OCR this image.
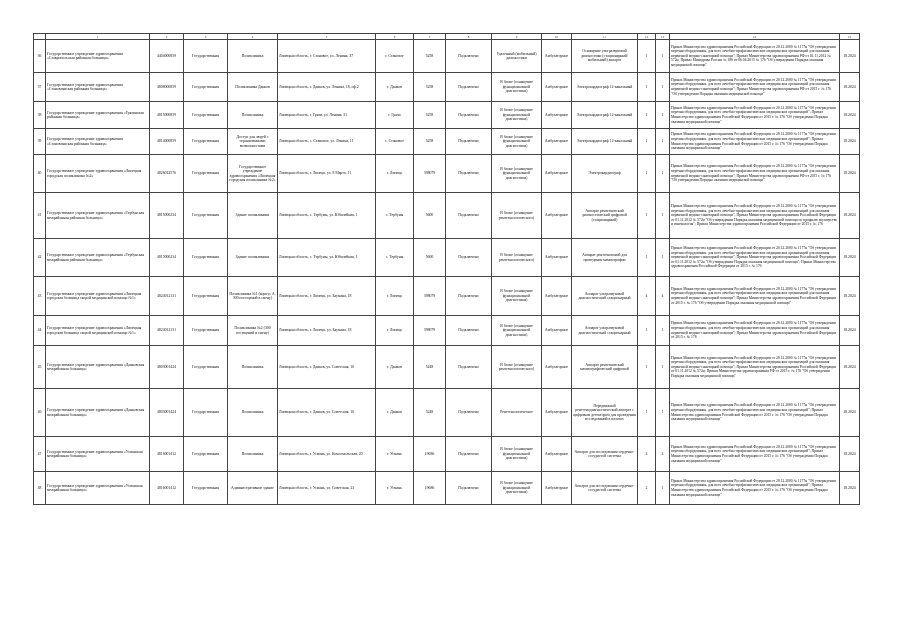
	1	2	3	4	5	6	7	8	9	10	11	12	13	14	15
36	Государственное учреждение здравоохранения «Ставропольская районная больница»	4404000859	Государственная	Поликлиника	Липецкая область, г. Становое, ул. Ленина, 37	г. Становое	5258	Подключено	Удаленный (мобильный) диагностики	Амбулаторное	Оснащение ультразвуковой диагностики (стационарный/мобильный) аппарат	1	1	Приказ Министерства здравоохранения Российской Федерации от 20.12.2000 № 1177н "Об утверждении перечня оборудования, для всех лечебно-профилактических медицинских организаций для оказания первичной медико-санитарной помощи"; Приказ Министерства здравоохранения РФ от 01.11.2012 № 572н; Приказ Минздрава России № 186 от 06.04.2015 № 176 "Об утверждении Порядка оказания медицинской помощи"	18.2024
37	Государственное учреждение здравоохранения «Становлянская районная больница»	4808000859	Государственная	Поликлиника Данков	Липецкая область, г. Данков, ул. Ленина, 18, оф.2	г. Данков	5258	Подключено	В блоке (оснащение функциональной диагностики)	Амбулаторное	Электрокардиограф 12-канальный	1	1	Приказ Министерства здравоохранения Российской Федерации от 20.12.2000 № 1177н "Об утверждении перечня оборудования, для всех лечебно-профилактических медицинских организаций для оказания первичной медико-санитарной помощи"; Приказ Министерства здравоохранения РФ от 2015 г. № 176 "Об утверждении Порядка оказания медицинской помощи"	18.2024
38	Государственное учреждение здравоохранения «Грязинская районная больница»	4815000859	Государственная	Поликлиника	Липецкая область, г. Грязи, ул. Ленина, 31	г. Грязи	5258	Подключено	В блоке (оснащение функциональной диагностики)	Амбулаторное	Электрокардиограф 12-канальный	1	1	Приказ Министерства здравоохранения Российской Федерации от 20.12.2000 № 1177н "Об утверждении перечня оборудования, для всех лечебно-профилактических медицинских организаций"; Приказ Министерства здравоохранения Российской Федерации от 2015 г. № 176 "Об утверждении Порядка оказания медицинской помощи"	18.2024
39	Государственное учреждение здравоохранения «Становлянская районная больница»	4814000859	Государственная	Доступ для людей с ограниченными возможностями	Липецкая область, с. Становое, ул. Ленина, 11	с. Становое	5258	Подключено	В блоке (оснащение функциональной диагностики)	Амбулаторное	Электрокардиограф 12-канальный	1	1	Приказ Министерства здравоохранения Российской Федерации от 20.12.2000 № 1177н "Об утверждении перечня оборудования, для всех лечебно-профилактических медицинских организаций"; Приказ Министерства здравоохранения Российской Федерации от 2015 г. № 176 "Об утверждении Порядка оказания медицинской помощи"	18.2024
40	Государственное учреждение здравоохранения «Липецкая городская поликлиника №2»	4826012576	Государственная	Государственное учреждение здравоохранения «Липецкая городская поликлиника №2»	Липецкая область, г. Липецк, ул. 8 Марта, 11	г. Липецк	398079	Подключено	В блоке (оснащение функциональной диагностики)	Амбулаторное	Электрокардиограф	1	1	Приказ Министерства здравоохранения Российской Федерации от 20.12.2000 № 1177н "Об утверждении перечня оборудования, для всех лечебно-профилактических медицинских организаций для оказания первичной медико-санитарной помощи"; Приказ Министерства здравоохранения РФ от 2015 г. № 176 "Об утверждении Порядка оказания медицинской помощи"	18.2024
41	Государственное учреждение здравоохранения «Тербунская межрайонная районная больница»	4815000234	Государственная	Здание поликлиники	Липецкая область, с. Тербуны, ул. Юбилейная, 1	с. Тербуны	5600	Подключено	В блоке (оснащение рентгенологического)	Амбулаторное	Аппарат рентгеновский диагностический цифровой (стационарный)	1	1	Приказ Министерства здравоохранения Российской Федерации от 20.12.2000 № 1177н "Об утверждении перечня оборудования, для всех лечебно-профилактических медицинских организаций для оказания первичной медико-санитарной помощи"; Приказ Министерства здравоохранения Российской Федерации от 01.11.2012 № 572н "Об утверждении Порядка оказания медицинской помощи по профилю акушерство и гинекология"; Приказ Министерства здравоохранения Российской Федерации от 2015 г. № 176	18.2024
42	Государственное учреждение здравоохранения «Тербунская межрайонная районная больница»	4815000234	Государственная	Здание поликлиники	Липецкая область, с. Тербуны, ул. Юбилейная, 1	с. Тербуны	5600	Подключено	В блоке (оснащение рентгенологического)	Амбулаторное	Аппарат рентгеновский для проведения маммографии	1	1	Приказ Министерства здравоохранения Российской Федерации от 20.12.2000 № 1177н "Об утверждении перечня оборудования, для всех лечебно-профилактических медицинских организаций для оказания первичной медико-санитарной помощи"; Приказ Министерства здравоохранения Российской Федерации от 01.11.2012 № 572н "Об утверждении Порядка оказания медицинской помощи"; Приказ Министерства здравоохранения Российской Федерации от 2015 г. № 176	18.2024
43	Государственное учреждение здравоохранения «Липецкая городская больница скорой медицинской помощи №1»	4824012131	Государственная	Поликлиника №1 (корпус А; 300 посещений в смену)	Липецкая область, г. Липецк, ул. Баумана, 18	г. Липецк	398079	Подключено	В блоке (оснащение функциональной диагностики)	Амбулаторное	Аппарат ультразвуковой диагностический стационарный	4	4	Приказ Министерства здравоохранения Российской Федерации от 20.12.2000 № 1177н "Об утверждении перечня оборудования, для всех лечебно-профилактических медицинских организаций для оказания первичной медико-санитарной помощи"; Приказ Министерства здравоохранения Российской Федерации от 2015 г. № 176 "Об утверждении Порядка оказания медицинской помощи"	18.2024
44	Государственное учреждение здравоохранения «Липецкая городская больница скорой медицинской помощи №1»	4824012131	Государственная	Поликлиника №2 (300 посещений в смену)	Липецкая область, г. Липецк, ул. Баумана, 18	г. Липецк	398079	Подключено	В блоке (оснащение функциональной диагностики)	Амбулаторное	Аппарат ультразвуковой диагностический стационарный	1	1	Приказ Министерства здравоохранения Российской Федерации от 20.12.2000 № 1177н "Об утверждении перечня оборудования, для всех лечебно-профилактических медицинских организаций для оказания первичной медико-санитарной помощи"; Приказ Министерства здравоохранения Российской Федерации от 2015 г. № 176	18.2024
45	Государственное учреждение здравоохранения «Данковская межрайонная больница»	4803001424	Государственная	Поликлиника	Липецкая область, г. Данков, ул. Советская, 10	г. Данков	5248	Подключено	В блоке (оснащение рентгенологического)	Амбулаторное	Аппарат рентгеновский маммографический цифровой	1	1	Приказ Министерства здравоохранения Российской Федерации от 20.12.2000 № 1177н "Об утверждении перечня оборудования, для всех лечебно-профилактических медицинских организаций для оказания первичной медико-санитарной помощи"; Приказ Министерства здравоохранения Российской Федерации от 01.11.2012 № 572н; Приказ Министерства здравоохранения РФ от 2015 г. № 176 "Об утверждении Порядка оказания медицинской помощи"	18.2024
46	Государственное учреждение здравоохранения «Данковская межрайонная больница»	4803001424	Государственная	Поликлиника	Липецкая область, г. Данков, ул. Советская, 10	г. Данков	5248	Подключено	Рентгенологическое	Амбулаторное	Передвижной рентгенодиагностический аппарат с цифровым детектором для проведения исследований в палатах	1	1	Приказ Министерства здравоохранения Российской Федерации от 20.12.2000 № 1177н "Об утверждении перечня оборудования, для всех лечебно-профилактических медицинских организаций"; Приказ Министерства здравоохранения Российской Федерации от 2015 г. № 176 "Об утверждении Порядка оказания медицинской помощи"	18.2024
47	Государственное учреждение здравоохранения «Усманская межрайонная больница»	4816001412	Государственная	Поликлиника	Липецкая область, г. Усмань, ул. Комсомольская, 20	г. Усмань	19686	Подключено	В блоке (оснащение функциональной диагностики)	Амбулаторное	Аппарат для исследования сердечно-сосудистой системы	2	2	Приказ Министерства здравоохранения Российской Федерации от 20.12.2000 № 1177н "Об утверждении перечня оборудования, для всех лечебно-профилактических медицинских организаций"; Приказ Министерства здравоохранения Российской Федерации от 2015 г. № 176 "Об утверждении Порядка оказания медицинской помощи"	18.2024
48	Государственное учреждение здравоохранения «Усманская межрайонная больница»	4816001412	Государственная	Административное здание	Липецкая область, г. Усмань, ул. Советская, 23	г. Усмань	19686	Подключено	В блоке (оснащение функциональной диагностики)	Амбулаторное	Аппарат для исследования сердечно-сосудистой системы	2	1	Приказ Министерства здравоохранения Российской Федерации от 20.12.2000 № 1177н "Об утверждении перечня оборудования, для всех лечебно-профилактических медицинских организаций"; Приказ Министерства здравоохранения Российской Федерации от 2015 г. № 176 "Об утверждении Порядка оказания медицинской помощи"	18.2024
